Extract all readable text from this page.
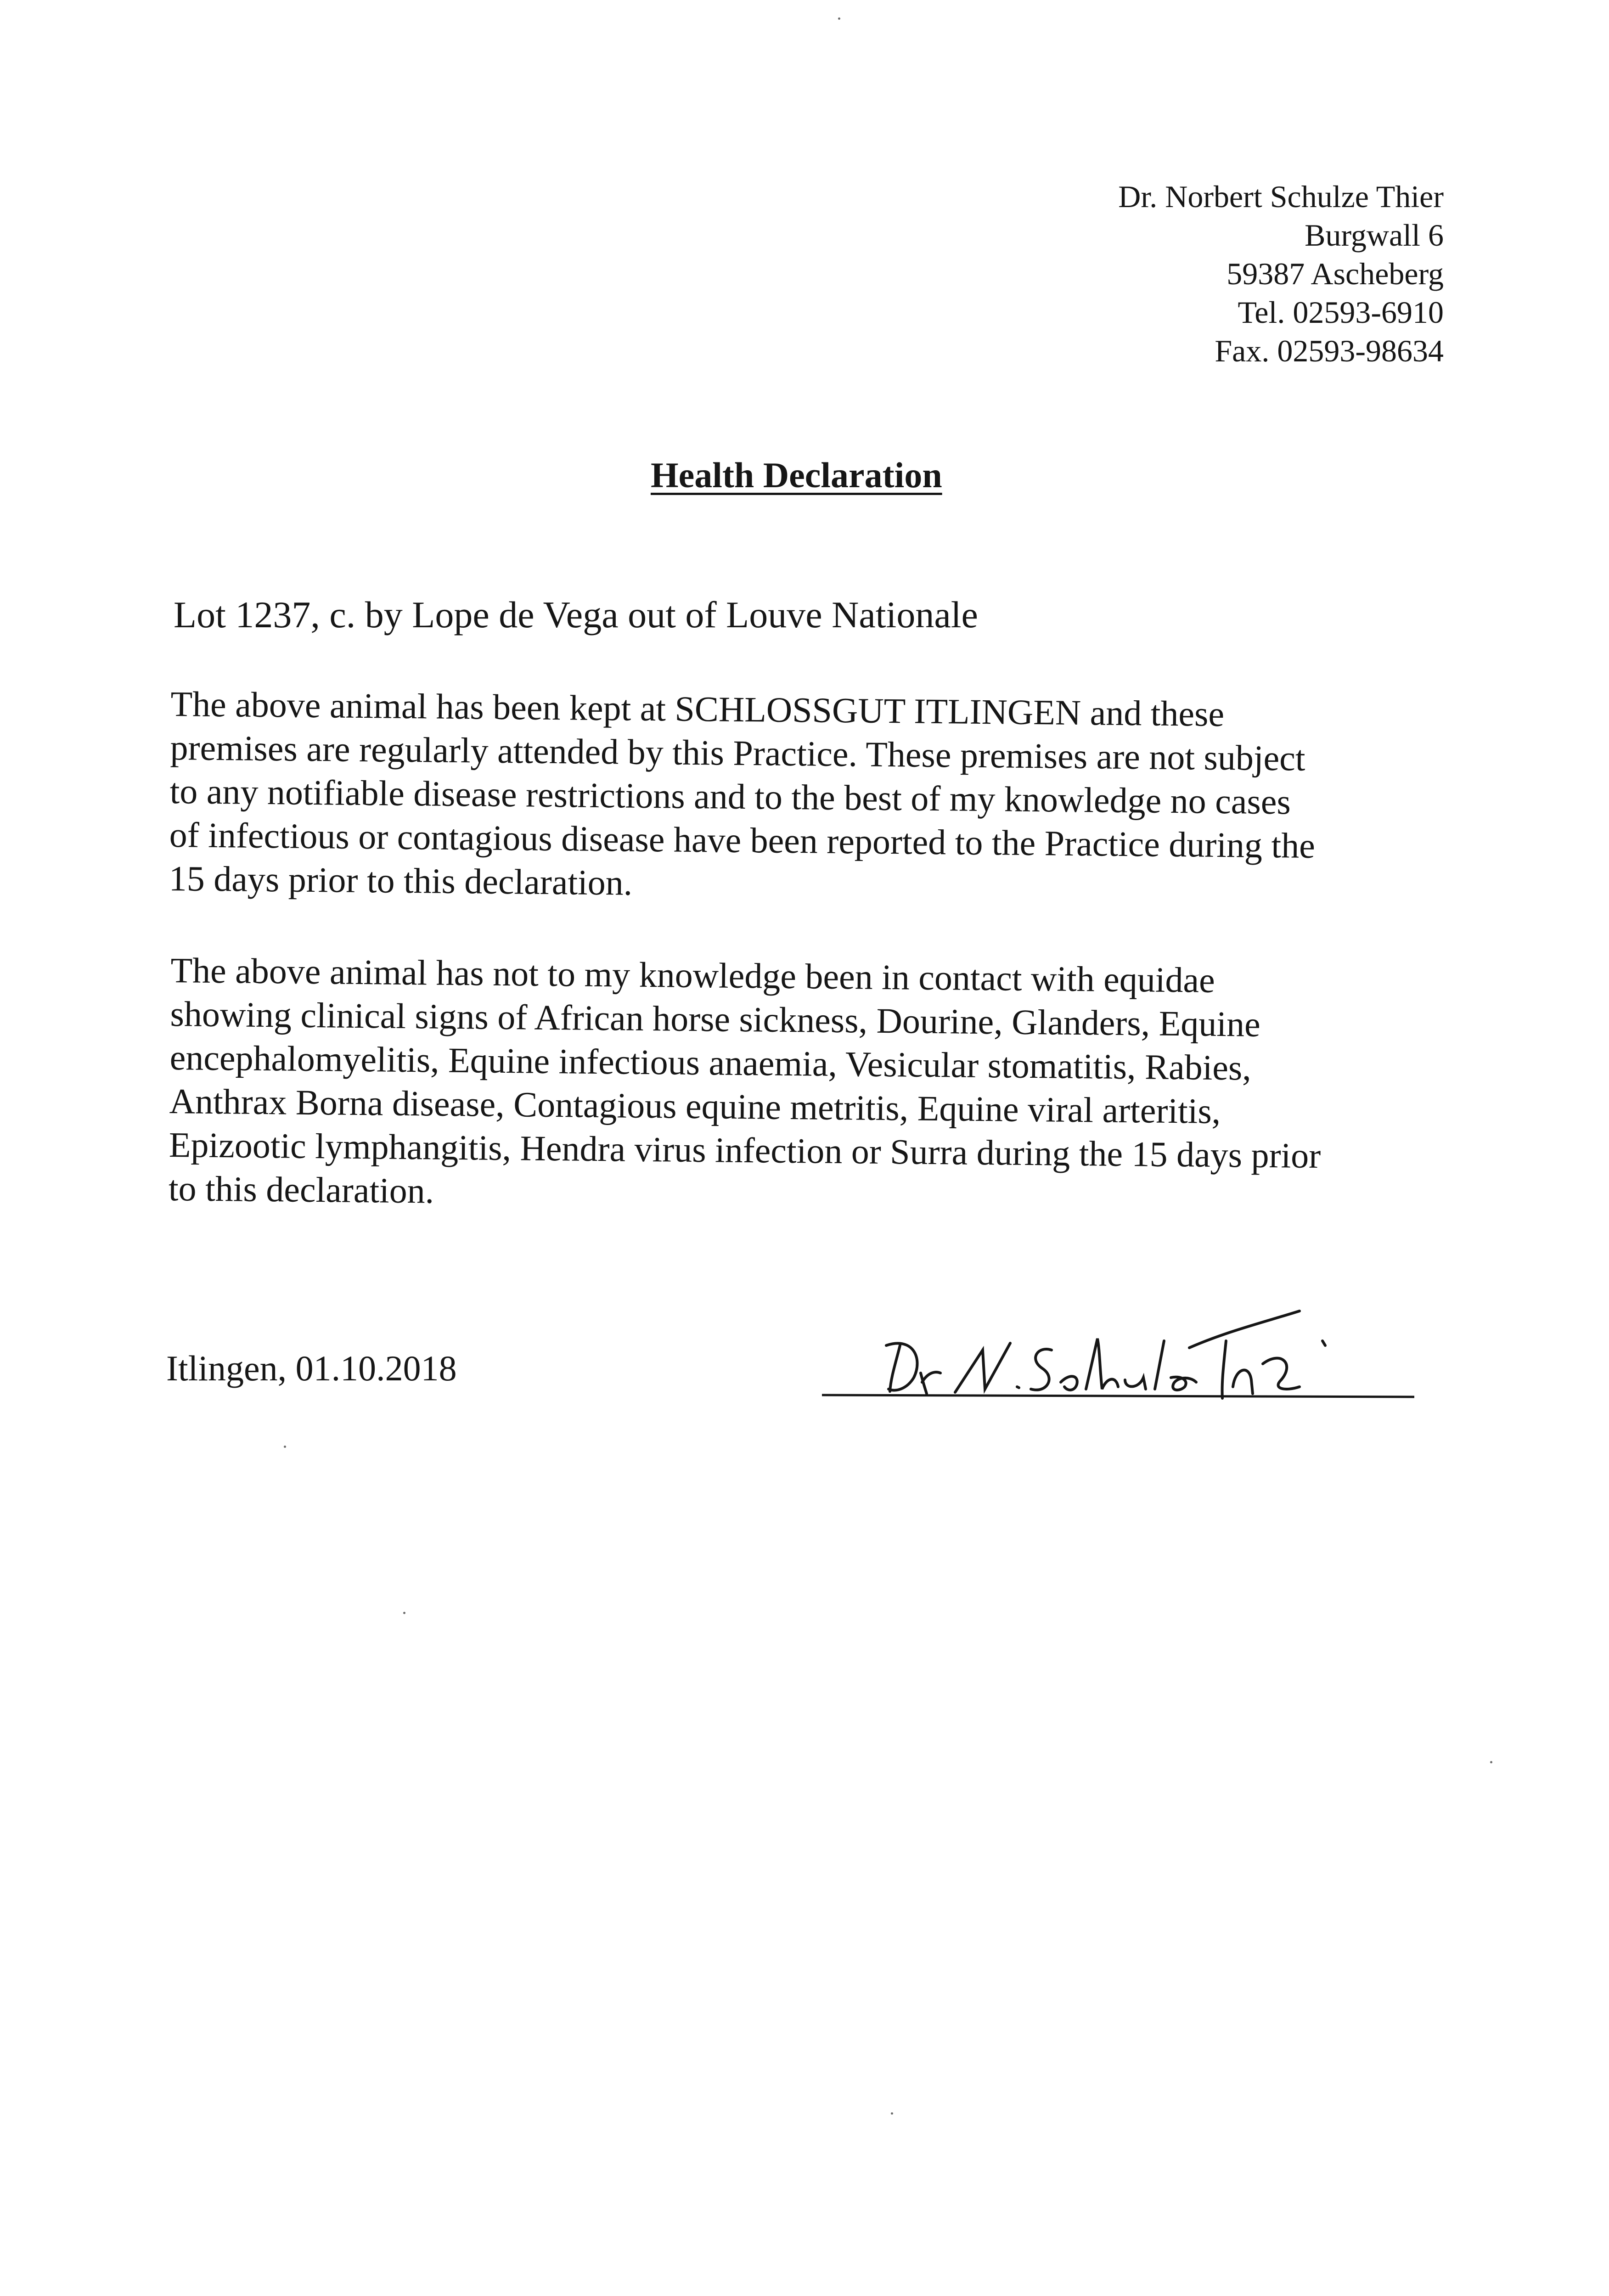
Dr. Norbert Schulze Thier
Burgwall 6
59387 Ascheberg
Tel. 02593-6910
Fax. 02593-98634
Health Declaration
Lot 1237, c. by Lope de Vega out of Louve Nationale
The above animal has been kept at SCHLOSSGUT ITLINGEN and these
premises are regularly attended by this Practice. These premises are not subject
to any notifiable disease restrictions and to the best of my knowledge no cases
of infectious or contagious disease have been reported to the Practice during the
15 days prior to this declaration.
The above animal has not to my knowledge been in contact with equidae
showing clinical signs of African horse sickness, Dourine, Glanders, Equine
encephalomyelitis, Equine infectious anaemia, Vesicular stomatitis, Rabies,
Anthrax Borna disease, Contagious equine metritis, Equine viral arteritis,
Epizootic lymphangitis, Hendra virus infection or Surra during the 15 days prior
to this declaration.
Itlingen, 01.10.2018
